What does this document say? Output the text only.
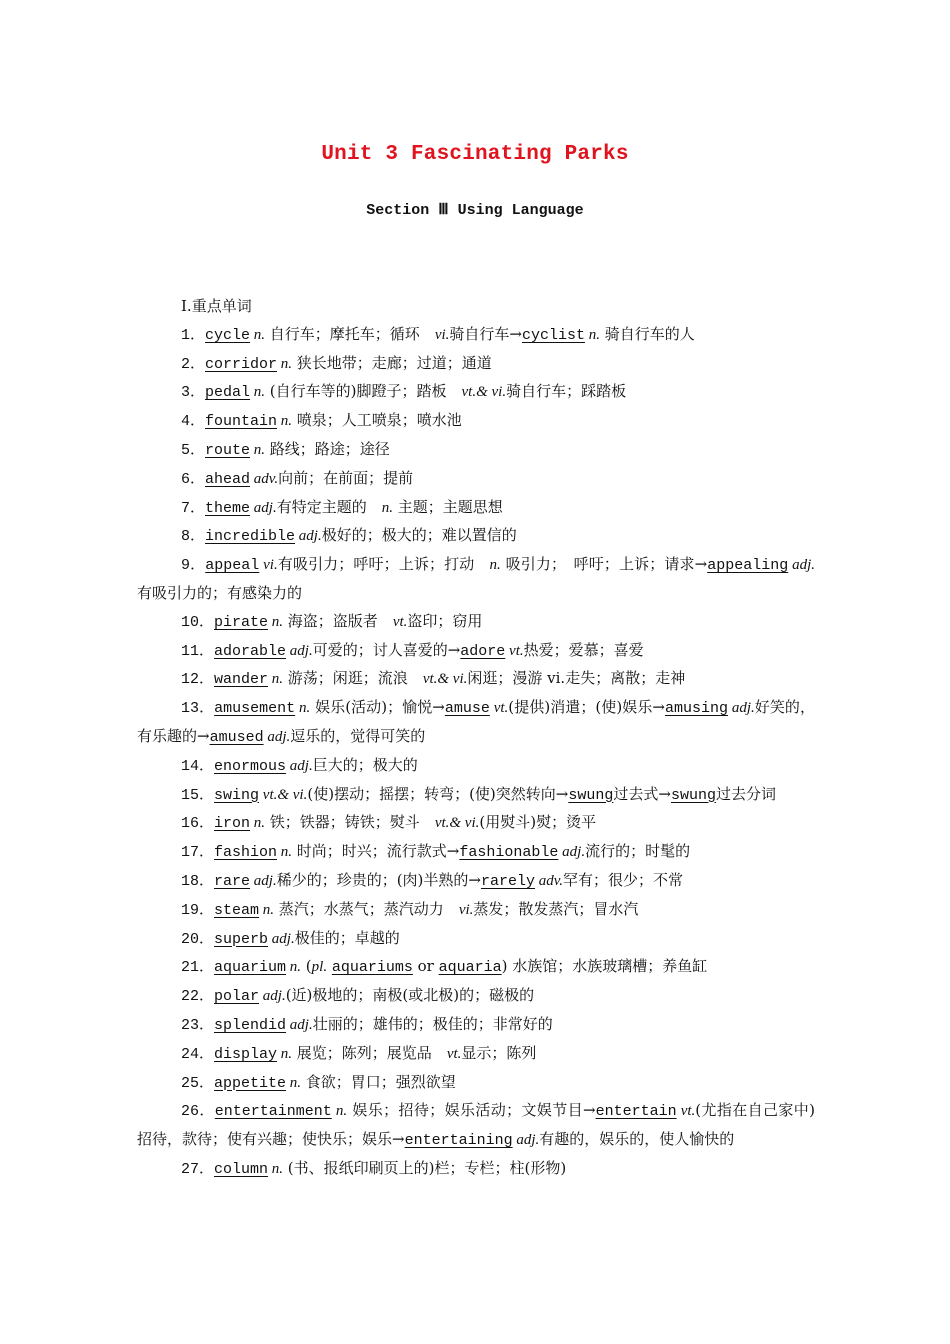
Unit 3 Fascinating Parks
Section Ⅲ Using Language
Ⅰ.重点单词
1．cycle n. 自行车；摩托车；循环　vi.骑自行车→cyclist n. 骑自行车的人
2．corridor n. 狭长地带；走廊；过道；通道
3．pedal n. (自行车等的)脚蹬子；踏板　vt.& vi.骑自行车；踩踏板
4．fountain n. 喷泉；人工喷泉；喷水池
5．route n. 路线；路途；途径
6．ahead adv.向前；在前面；提前
7．theme adj.有特定主题的　n. 主题；主题思想
8．incredible adj.极好的；极大的；难以置信的
9．appeal vi.有吸引力；呼吁；上诉；打动　n. 吸引力；　呼吁；上诉；请求→appealing adj.有吸引力的；有感染力的
10．pirate n. 海盗；盗版者　vt.盗印；窃用
11．adorable adj.可爱的；讨人喜爱的→adore vt.热爱；爱慕；喜爱
12．wander n. 游荡；闲逛；流浪　vt.& vi.闲逛；漫游 vi.走失；离散；走神
13．amusement n. 娱乐(活动)；愉悦→amuse vt.(提供)消遣；(使)娱乐→amusing adj.好笑的，有乐趣的→amused adj.逗乐的，觉得可笑的
14．enormous adj.巨大的；极大的
15．swing vt.& vi.(使)摆动；摇摆；转弯；(使)突然转向→swung过去式→swung过去分词
16．iron n. 铁；铁器；铸铁；熨斗　vt.& vi.(用熨斗)熨；烫平
17．fashion n. 时尚；时兴；流行款式→fashionable adj.流行的；时髦的
18．rare adj.稀少的；珍贵的；(肉)半熟的→rarely adv.罕有；很少；不常
19．steam n. 蒸汽；水蒸气；蒸汽动力　vi.蒸发；散发蒸汽；冒水汽
20．superb adj.极佳的；卓越的
21．aquarium n. (pl. aquariums or aquaria) 水族馆；水族玻璃槽；养鱼缸
22．polar adj.(近)极地的；南极(或北极)的；磁极的
23．splendid adj.壮丽的；雄伟的；极佳的；非常好的
24．display n. 展览；陈列；展览品　vt.显示；陈列
25．appetite n. 食欲；胃口；强烈欲望
26．entertainment n. 娱乐；招待；娱乐活动；文娱节目→entertain vt.(尤指在自己家中)招待，款待；使有兴趣；使快乐；娱乐→entertaining adj.有趣的，娱乐的，使人愉快的
27．column n. (书、报纸印刷页上的)栏；专栏；柱(形物)
